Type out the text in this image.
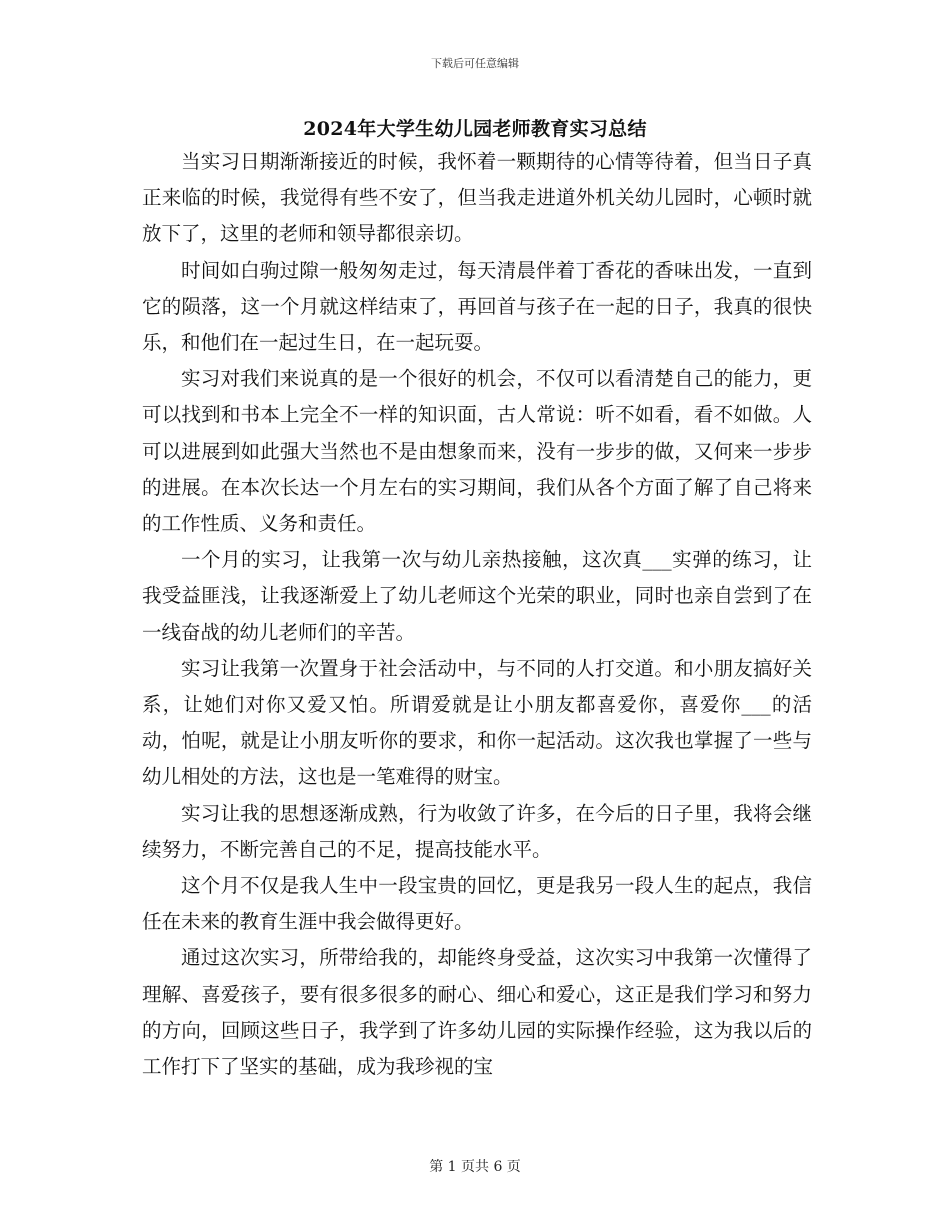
下载后可任意编辑
2024年大学生幼儿园老师教育实习总结

当实习日期渐渐接近的时候，我怀着一颗期待的心情等待着，但当日子真正来临的时候，我觉得有些不安了，但当我走进道外机关幼儿园时，心顿时就放下了，这里的老师和领导都很亲切。

时间如白驹过隙一般匆匆走过，每天清晨伴着丁香花的香味出发，一直到它的陨落，这一个月就这样结束了，再回首与孩子在一起的日子，我真的很快乐，和他们在一起过生日，在一起玩耍。

实习对我们来说真的是一个很好的机会，不仅可以看清楚自己的能力，更可以找到和书本上完全不一样的知识面，古人常说：听不如看，看不如做。人可以进展到如此强大当然也不是由想象而来，没有一步步的做，又何来一步步的进展。在本次长达一个月左右的实习期间，我们从各个方面了解了自己将来的工作性质、义务和责任。

一个月的实习，让我第一次与幼儿亲热接触，这次真___实弹的练习，让我受益匪浅，让我逐渐爱上了幼儿老师这个光荣的职业，同时也亲自尝到了在一线奋战的幼儿老师们的辛苦。

实习让我第一次置身于社会活动中，与不同的人打交道。和小朋友搞好关系，让她们对你又爱又怕。所谓爱就是让小朋友都喜爱你，喜爱你___的活动，怕呢，就是让小朋友听你的要求，和你一起活动。这次我也掌握了一些与幼儿相处的方法，这也是一笔难得的财宝。

实习让我的思想逐渐成熟，行为收敛了许多，在今后的日子里，我将会继续努力，不断完善自己的不足，提高技能水平。

这个月不仅是我人生中一段宝贵的回忆，更是我另一段人生的起点，我信任在未来的教育生涯中我会做得更好。

通过这次实习，所带给我的，却能终身受益，这次实习中我第一次懂得了理解、喜爱孩子，要有很多很多的耐心、细心和爱心，这正是我们学习和努力的方向，回顾这些日子，我学到了许多幼儿园的实际操作经验，这为我以后的工作打下了坚实的基础，成为我珍视的宝

第 1 页共 6 页
